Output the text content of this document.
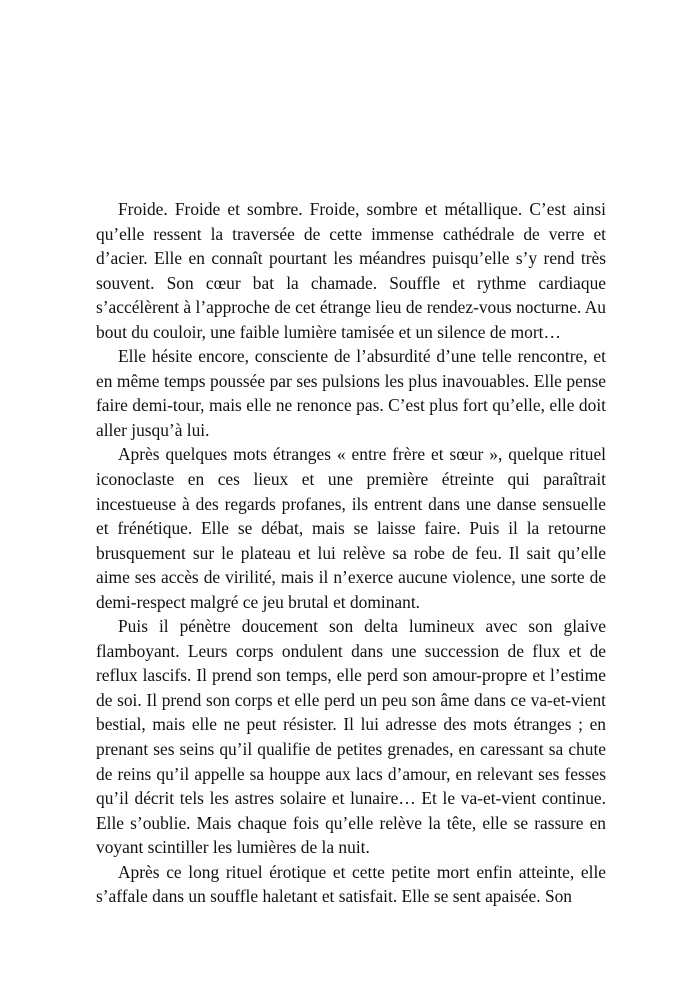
Froide. Froide et sombre. Froide, sombre et métallique. C’est ainsi qu’elle ressent la traversée de cette immense cathédrale de verre et d’acier. Elle en connaît pourtant les méandres puisqu’elle s’y rend très souvent. Son cœur bat la chamade. Souffle et rythme cardiaque s’accélèrent à l’approche de cet étrange lieu de rendez-vous nocturne. Au bout du couloir, une faible lumière tamisée et un silence de mort…

Elle hésite encore, consciente de l’absurdité d’une telle rencontre, et en même temps poussée par ses pulsions les plus inavouables. Elle pense faire demi-tour, mais elle ne renonce pas. C’est plus fort qu’elle, elle doit aller jusqu’à lui.

Après quelques mots étranges « entre frère et sœur », quelque rituel iconoclaste en ces lieux et une première étreinte qui paraîtrait incestueuse à des regards profanes, ils entrent dans une danse sensuelle et frénétique. Elle se débat, mais se laisse faire. Puis il la retourne brusquement sur le plateau et lui relève sa robe de feu. Il sait qu’elle aime ses accès de virilité, mais il n’exerce aucune violence, une sorte de demi-respect malgré ce jeu brutal et dominant.

Puis il pénètre doucement son delta lumineux avec son glaive flamboyant. Leurs corps ondulent dans une succession de flux et de reflux lascifs. Il prend son temps, elle perd son amour-propre et l’estime de soi. Il prend son corps et elle perd un peu son âme dans ce va-et-vient bestial, mais elle ne peut résister. Il lui adresse des mots étranges ; en prenant ses seins qu’il qualifie de petites grenades, en caressant sa chute de reins qu’il appelle sa houppe aux lacs d’amour, en relevant ses fesses qu’il décrit tels les astres solaire et lunaire… Et le va-et-vient continue. Elle s’oublie. Mais chaque fois qu’elle relève la tête, elle se rassure en voyant scintiller les lumières de la nuit.

Après ce long rituel érotique et cette petite mort enfin atteinte, elle s’affale dans un souffle haletant et satisfait. Elle se sent apaisée. Son
